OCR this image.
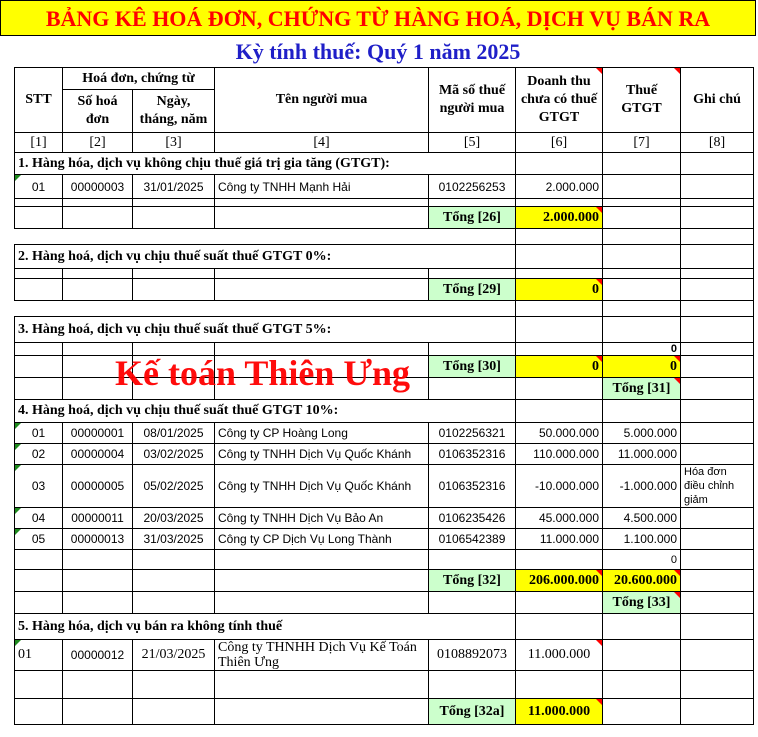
BẢNG KÊ HOÁ ĐƠN, CHỨNG TỪ HÀNG HOÁ, DỊCH VỤ BÁN RA
Kỳ tính thuế: Quý 1 năm 2025
STT	Hoá đơn, chứng từ		Tên người mua	Mã số thuế người mua	Doanh thu chưa có thuế GTGT	Thuế GTGT	Ghi chú
	Số hoá đơn	Ngày, tháng, năm					
[1]	[2]	[3]	[4]	[5]	[6]	[7]	[8]
1. Hàng hóa, dịch vụ không chịu thuế giá trị gia tăng (GTGT):							
01	00000003	31/01/2025	Công ty TNHH Mạnh Hải	0102256253	2.000.000		

				Tổng [26]	2.000.000		

2. Hàng hoá, dịch vụ chịu thuế suất thuế GTGT 0%:							

				Tổng [29]	0		

3. Hàng hoá, dịch vụ chịu thuế suất thuế GTGT 5%:							
						0	
				Tổng [30]	0	0	
						Tổng [31]	
4. Hàng hoá, dịch vụ chịu thuế suất thuế GTGT 10%:							
01	00000001	08/01/2025	Công ty CP Hoàng Long	0102256321	50.000.000	5.000.000	
02	00000004	03/02/2025	Công ty TNHH Dịch Vụ Quốc Khánh	0106352316	110.000.000	11.000.000	
03	00000005	05/02/2025	Công ty TNHH Dịch Vụ Quốc Khánh	0106352316	-10.000.000	-1.000.000	Hóa đơn điều chỉnh giảm
04	00000011	20/03/2025	Công ty TNHH Dịch Vụ Bảo An	0106235426	45.000.000	4.500.000	
05	00000013	31/03/2025	Công ty CP Dịch Vụ Long Thành	0106542389	11.000.000	1.100.000	
						0	
				Tổng [32]	206.000.000	20.600.000	
						Tổng [33]	
5. Hàng hóa, dịch vụ bán ra không tính thuế							
01	00000012	21/03/2025	Công ty THNHH Dịch Vụ Kế Toán Thiên Ưng	0108892073	11.000.000		

				Tổng [32a]	11.000.000		
Kế toán Thiên Ưng
